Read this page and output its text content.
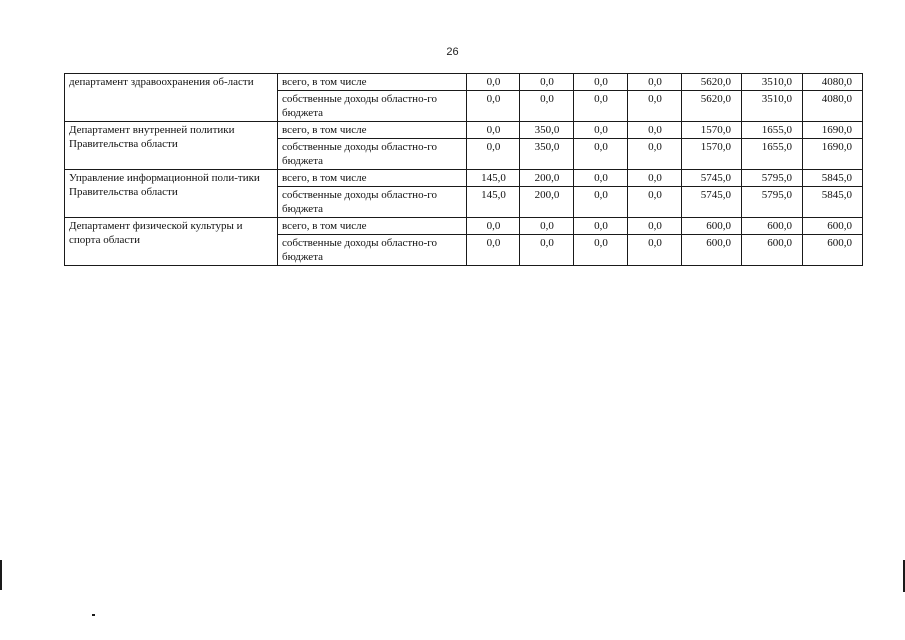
26
департамент здравоохранения об-ласти	всего, в том числе	0,0	0,0	0,0	0,0	5620,0	3510,0	4080,0
	собственные доходы областно-го бюджета	0,0	0,0	0,0	0,0	5620,0	3510,0	4080,0
Департамент внутренней политики Правительства области	всего, в том числе	0,0	350,0	0,0	0,0	1570,0	1655,0	1690,0
	собственные доходы областно-го бюджета	0,0	350,0	0,0	0,0	1570,0	1655,0	1690,0
Управление информационной поли-тики Правительства области	всего, в том числе	145,0	200,0	0,0	0,0	5745,0	5795,0	5845,0
	собственные доходы областно-го бюджета	145,0	200,0	0,0	0,0	5745,0	5795,0	5845,0
Департамент физической культуры и спорта области	всего, в том числе	0,0	0,0	0,0	0,0	600,0	600,0	600,0
	собственные доходы областно-го бюджета	0,0	0,0	0,0	0,0	600,0	600,0	600,0
